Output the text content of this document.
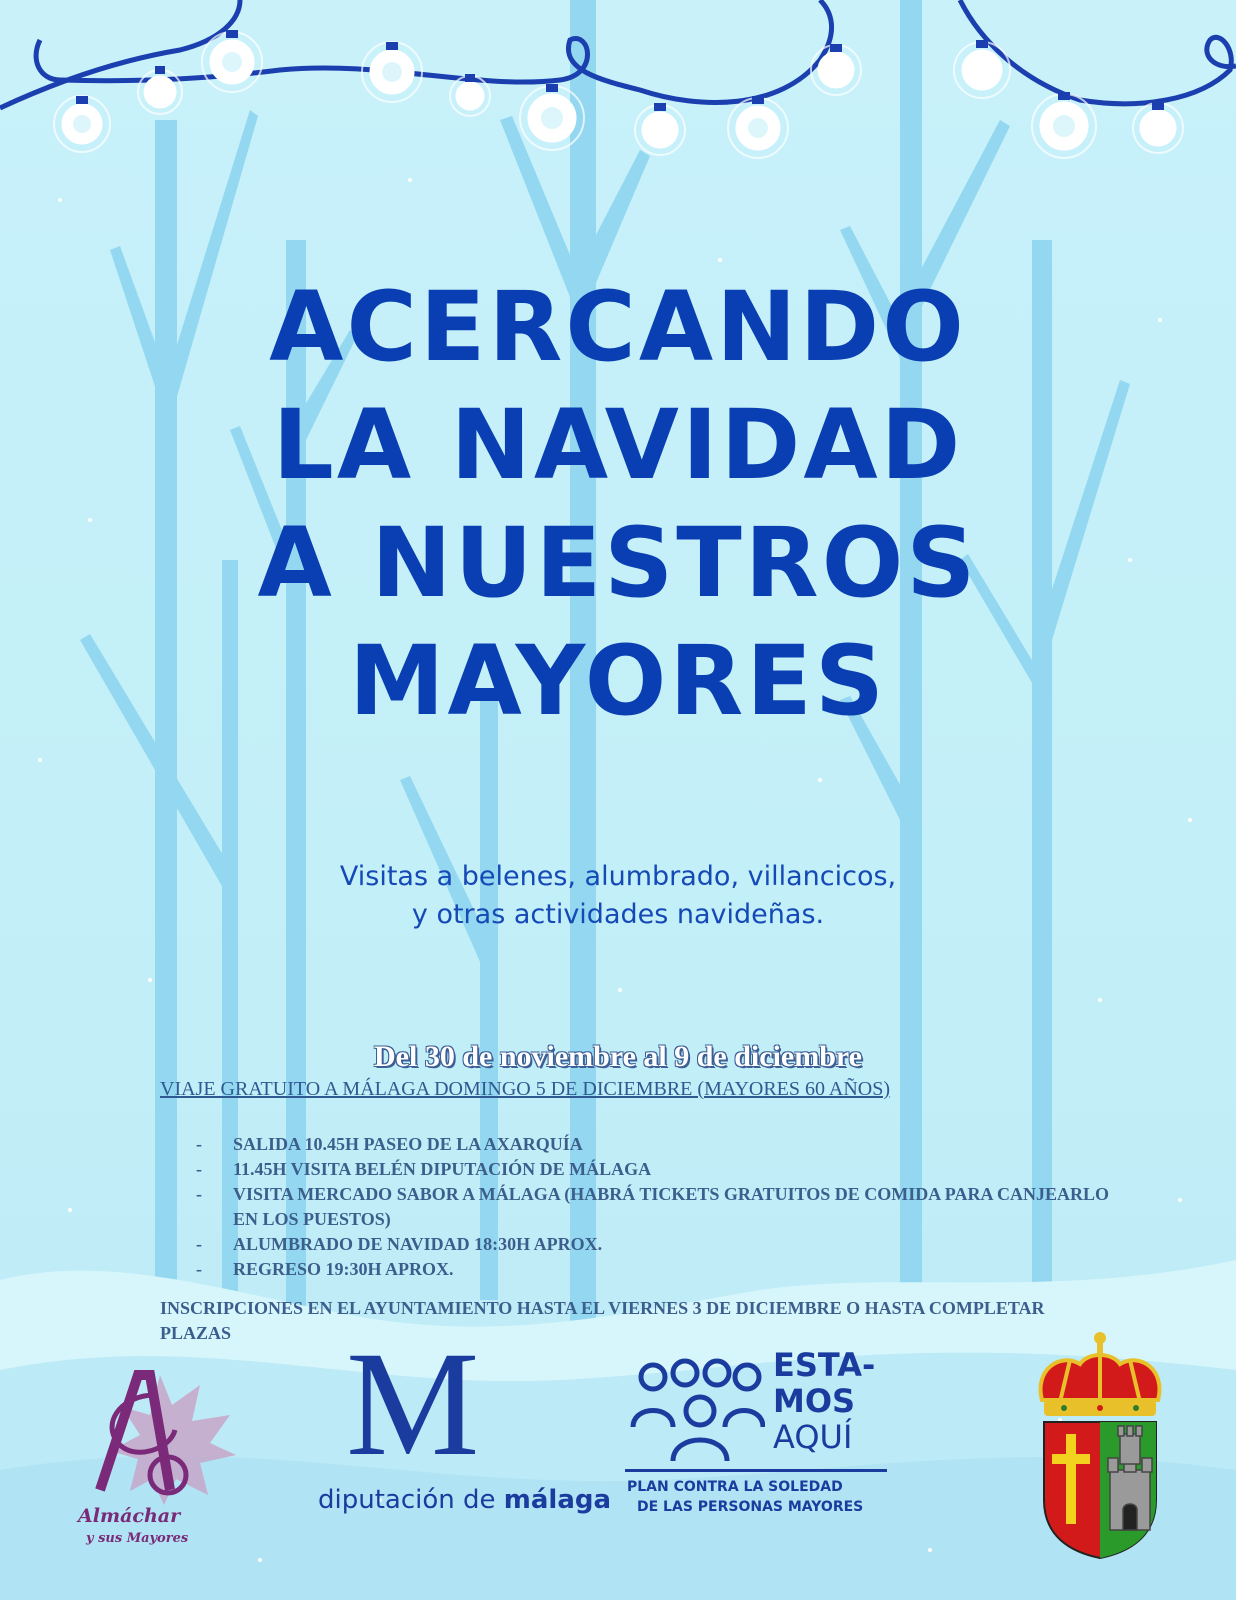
ACERCANDO
LA NAVIDAD
A NUESTROS
MAYORES
Visitas a belenes, alumbrado, villancicos,
y otras actividades navideñas.
Del 30 de noviembre al 9 de diciembre
VIAJE GRATUITO A MÁLAGA DOMINGO 5 DE DICIEMBRE (MAYORES 60 AÑOS)
- SALIDA 10.45H PASEO DE LA AXARQUÍA
- 11.45H VISITA BELÉN DIPUTACIÓN DE MÁLAGA
- VISITA MERCADO SABOR A MÁLAGA (HABRÁ TICKETS GRATUITOS DE COMIDA PARA CANJEARLO EN LOS PUESTOS)
- ALUMBRADO DE NAVIDAD 18:30H APROX.
- REGRESO 19:30H APROX.
INSCRIPCIONES EN EL AYUNTAMIENTO HASTA EL VIERNES 3 DE DICIEMBRE O HASTA COMPLETAR PLAZAS
Almáchar
y sus Mayores
M
diputación de málaga
ESTA-
MOS
AQUÍ
PLAN CONTRA LA SOLEDAD
DE LAS PERSONAS MAYORES
